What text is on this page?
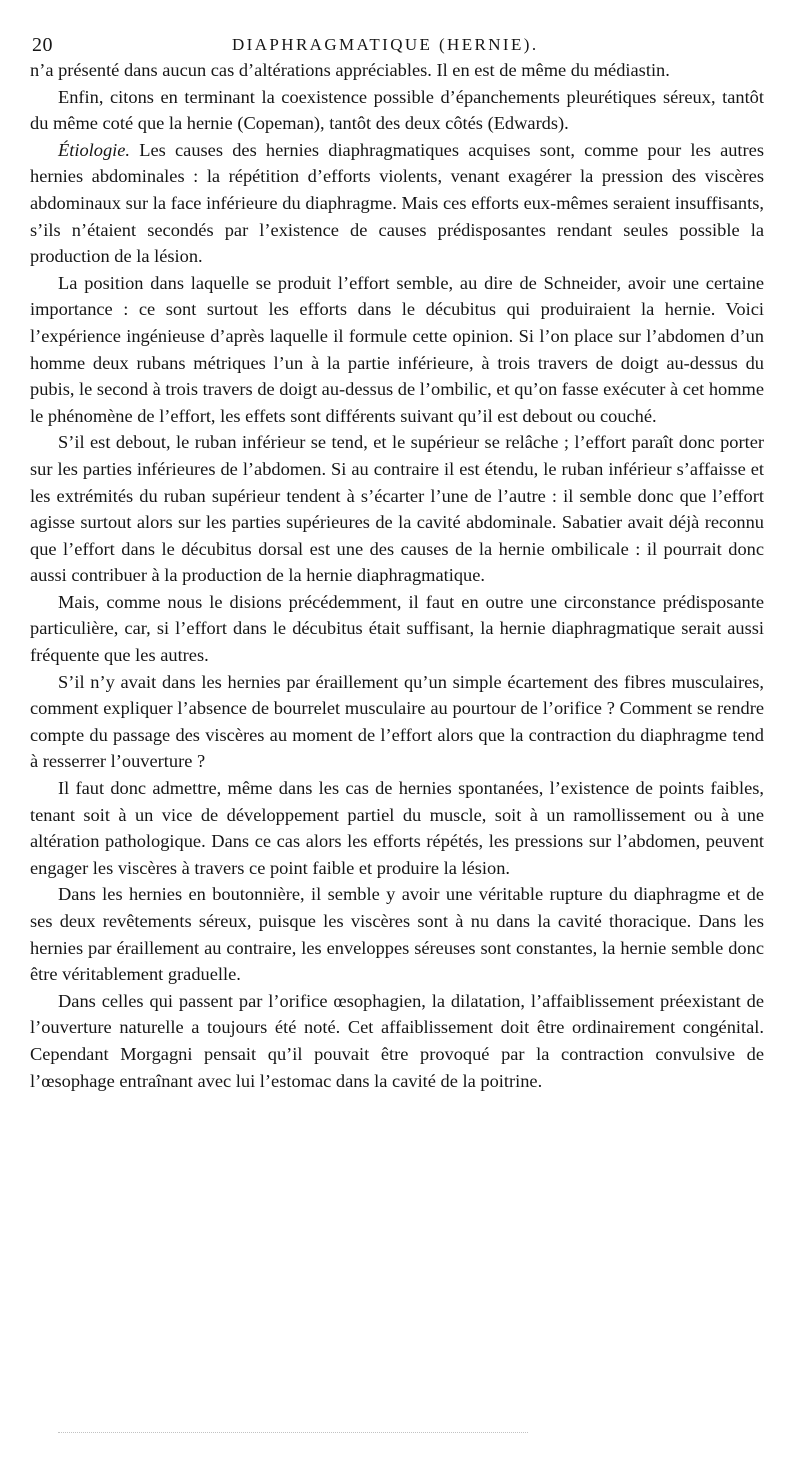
20	DIAPHRAGMATIQUE (HERNIE).

n’a présenté dans aucun cas d’altérations appréciables. Il en est de même du médiastin.

Enfin, citons en terminant la coexistence possible d’épanchements pleurétiques séreux, tantôt du même coté que la hernie (Copeman), tantôt des deux côtés (Edwards).

Étiologie. Les causes des hernies diaphragmatiques acquises sont, comme pour les autres hernies abdominales : la répétition d’efforts violents, venant exagérer la pression des viscères abdominaux sur la face inférieure du diaphragme. Mais ces efforts eux-mêmes seraient insuffisants, s’ils n’étaient secondés par l’existence de causes prédisposantes rendant seules possible la production de la lésion.

La position dans laquelle se produit l’effort semble, au dire de Schneider, avoir une certaine importance : ce sont surtout les efforts dans le décubitus qui produiraient la hernie. Voici l’expérience ingénieuse d’après laquelle il formule cette opinion. Si l’on place sur l’abdomen d’un homme deux rubans métriques l’un à la partie inférieure, à trois travers de doigt au-dessus du pubis, le second à trois travers de doigt au-dessus de l’ombilic, et qu’on fasse exécuter à cet homme le phénomène de l’effort, les effets sont différents suivant qu’il est debout ou couché.

S’il est debout, le ruban inférieur se tend, et le supérieur se relâche ; l’effort paraît donc porter sur les parties inférieures de l’abdomen. Si au contraire il est étendu, le ruban inférieur s’affaisse et les extrémités du ruban supérieur tendent à s’écarter l’une de l’autre : il semble donc que l’effort agisse surtout alors sur les parties supérieures de la cavité abdominale. Sabatier avait déjà reconnu que l’effort dans le décubitus dorsal est une des causes de la hernie ombilicale : il pourrait donc aussi contribuer à la production de la hernie diaphragmatique.

Mais, comme nous le disions précédemment, il faut en outre une circonstance prédisposante particulière, car, si l’effort dans le décubitus était suffisant, la hernie diaphragmatique serait aussi fréquente que les autres.

S’il n’y avait dans les hernies par éraillement qu’un simple écartement des fibres musculaires, comment expliquer l’absence de bourrelet musculaire au pourtour de l’orifice ? Comment se rendre compte du passage des viscères au moment de l’effort alors que la contraction du diaphragme tend à resserrer l’ouverture ?

Il faut donc admettre, même dans les cas de hernies spontanées, l’existence de points faibles, tenant soit à un vice de développement partiel du muscle, soit à un ramollissement ou à une altération pathologique. Dans ce cas alors les efforts répétés, les pressions sur l’abdomen, peuvent engager les viscères à travers ce point faible et produire la lésion.

Dans les hernies en boutonnière, il semble y avoir une véritable rupture du diaphragme et de ses deux revêtements séreux, puisque les viscères sont à nu dans la cavité thoracique. Dans les hernies par éraillement au contraire, les enveloppes séreuses sont constantes, la hernie semble donc être véritablement graduelle.

Dans celles qui passent par l’orifice œsophagien, la dilatation, l’affaiblissement préexistant de l’ouverture naturelle a toujours été noté. Cet affaiblissement doit être ordinairement congénital. Cependant Morgagni pensait qu’il pouvait être provoqué par la contraction convulsive de l’œsophage entraînant avec lui l’estomac dans la cavité de la poitrine.
